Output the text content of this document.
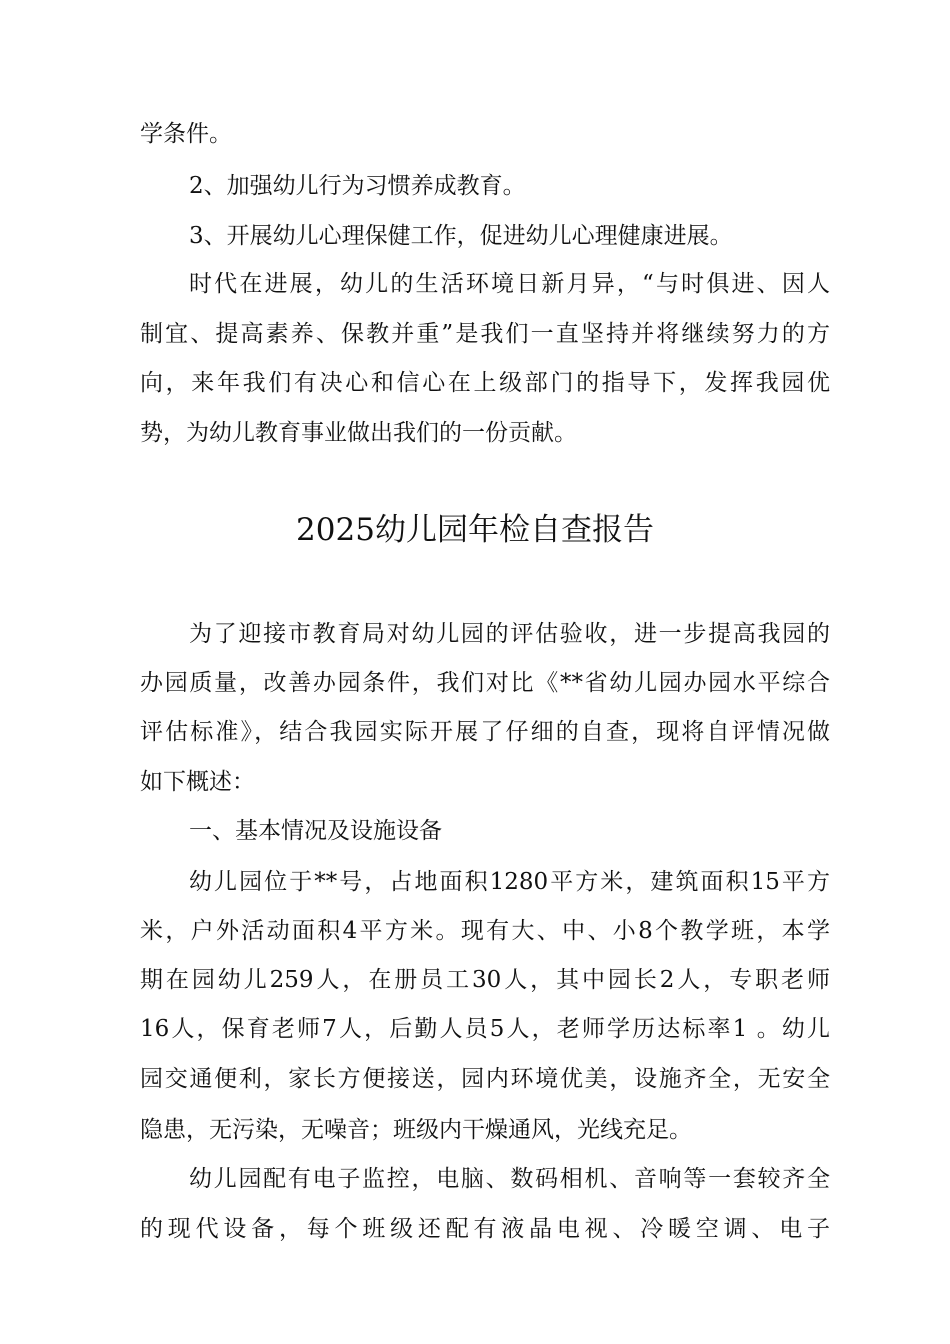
学条件。
2、加强幼儿行为习惯养成教育。
3、开展幼儿心理保健工作，促进幼儿心理健康进展。
时代在进展，幼儿的生活环境日新月异，“与时俱进、因人
制宜、提高素养、保教并重”是我们一直坚持并将继续努力的方
向，来年我们有决心和信心在上级部门的指导下，发挥我园优
势，为幼儿教育事业做出我们的一份贡献。
2025幼儿园年检自查报告
为了迎接市教育局对幼儿园的评估验收，进一步提高我园的
办园质量，改善办园条件，我们对比《**省幼儿园办园水平综合
评估标准》，结合我园实际开展了仔细的自查，现将自评情况做
如下概述：
一、基本情况及设施设备
幼儿园位于**号，占地面积1280平方米，建筑面积15平方
米，户外活动面积4平方米。现有大、中、小8个教学班，本学
期在园幼儿259人，在册员工30人，其中园长2人，专职老师
16人，保育老师7人，后勤人员5人，老师学历达标率1 。幼儿
园交通便利，家长方便接送，园内环境优美，设施齐全，无安全
隐患，无污染，无噪音；班级内干燥通风，光线充足。
幼儿园配有电子监控，电脑、数码相机、音响等一套较齐全
的现代设备，每个班级还配有液晶电视、冷暖空调、电子
